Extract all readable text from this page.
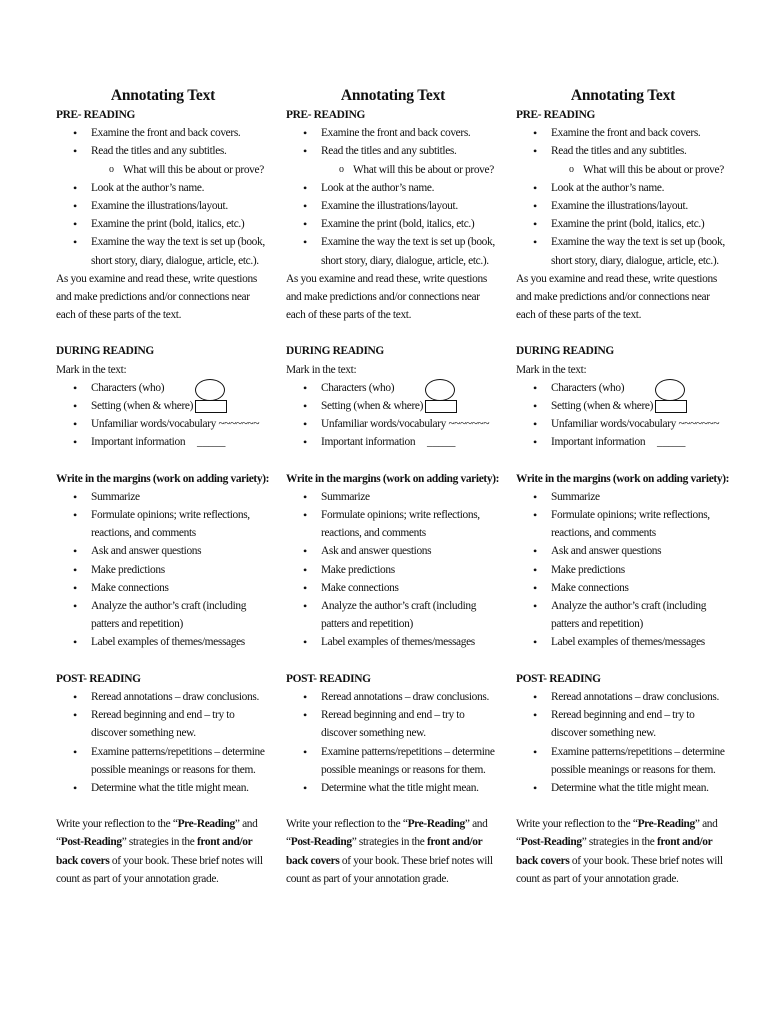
Annotating Text
PRE- READING
• Examine the front and back covers.
• Read the titles and any subtitles.
o What will this be about or prove?
• Look at the author’s name.
• Examine the illustrations/layout.
• Examine the print (bold, italics, etc.)
• Examine the way the text is set up (book, short story, diary, dialogue, article, etc.).

As you examine and read these, write questions and make predictions and/or connections near each of these parts of the text.

DURING READING
Mark in the text:
• Characters (who)
• Setting (when & where)
• Unfamiliar words/vocabulary ~~~~~~~
• Important information _____
Write in the margins (work on adding variety):
• Summarize
• Formulate opinions; write reflections, reactions, and comments
• Ask and answer questions
• Make predictions
• Make connections
• Analyze the author’s craft (including patters and repetition)
• Label examples of themes/messages
POST- READING
• Reread annotations – draw conclusions.
• Reread beginning and end – try to discover something new.
• Examine patterns/repetitions – determine possible meanings or reasons for them.
• Determine what the title might mean.

Write your reflection to the “Pre-Reading” and “Post-Reading” strategies in the front and/or back covers of your book. These brief notes will count as part of your annotation grade.

Annotating Text
PRE- READING
• Examine the front and back covers.
• Read the titles and any subtitles.
o What will this be about or prove?
• Look at the author’s name.
• Examine the illustrations/layout.
• Examine the print (bold, italics, etc.)
• Examine the way the text is set up (book, short story, diary, dialogue, article, etc.).

As you examine and read these, write questions and make predictions and/or connections near each of these parts of the text.

DURING READING
Mark in the text:
• Characters (who)
• Setting (when & where)
• Unfamiliar words/vocabulary ~~~~~~~
• Important information _____
Write in the margins (work on adding variety):
• Summarize
• Formulate opinions; write reflections, reactions, and comments
• Ask and answer questions
• Make predictions
• Make connections
• Analyze the author’s craft (including patters and repetition)
• Label examples of themes/messages
POST- READING
• Reread annotations – draw conclusions.
• Reread beginning and end – try to discover something new.
• Examine patterns/repetitions – determine possible meanings or reasons for them.
• Determine what the title might mean.

Write your reflection to the “Pre-Reading” and “Post-Reading” strategies in the front and/or back covers of your book. These brief notes will count as part of your annotation grade.

Annotating Text
PRE- READING
• Examine the front and back covers.
• Read the titles and any subtitles.
o What will this be about or prove?
• Look at the author’s name.
• Examine the illustrations/layout.
• Examine the print (bold, italics, etc.)
• Examine the way the text is set up (book, short story, diary, dialogue, article, etc.).

As you examine and read these, write questions and make predictions and/or connections near each of these parts of the text.

DURING READING
Mark in the text:
• Characters (who)
• Setting (when & where)
• Unfamiliar words/vocabulary ~~~~~~~
• Important information _____
Write in the margins (work on adding variety):
• Summarize
• Formulate opinions; write reflections, reactions, and comments
• Ask and answer questions
• Make predictions
• Make connections
• Analyze the author’s craft (including patters and repetition)
• Label examples of themes/messages
POST- READING
• Reread annotations – draw conclusions.
• Reread beginning and end – try to discover something new.
• Examine patterns/repetitions – determine possible meanings or reasons for them.
• Determine what the title might mean.

Write your reflection to the “Pre-Reading” and “Post-Reading” strategies in the front and/or back covers of your book. These brief notes will count as part of your annotation grade.
